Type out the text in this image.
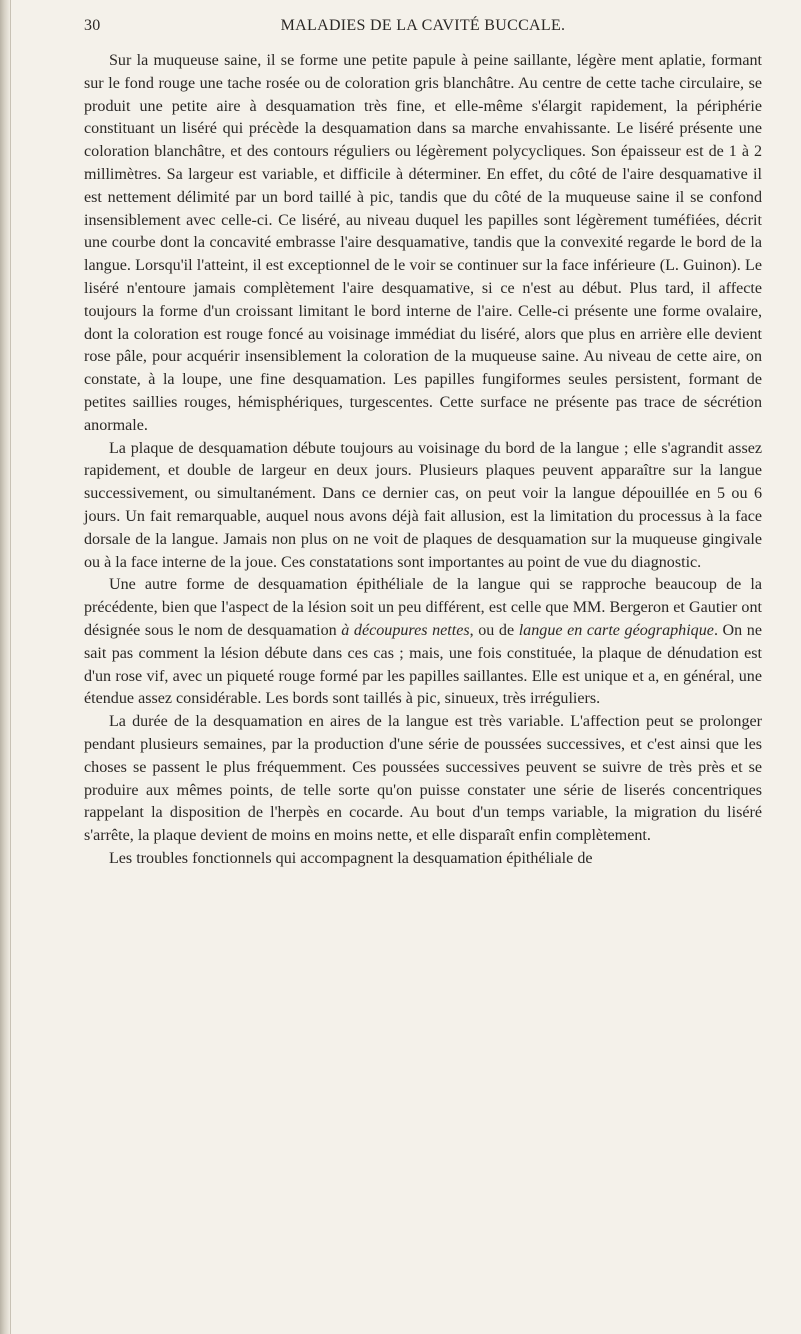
30	MALADIES DE LA CAVITÉ BUCCALE.

Sur la muqueuse saine, il se forme une petite papule à peine saillante, légère ment aplatie, formant sur le fond rouge une tache rosée ou de coloration gris blanchâtre. Au centre de cette tache circulaire, se produit une petite aire à desquamation très fine, et elle-même s'élargit rapidement, la périphérie constituant un liséré qui précède la desquamation dans sa marche envahissante. Le liséré présente une coloration blanchâtre, et des contours réguliers ou légèrement polycycliques. Son épaisseur est de 1 à 2 millimètres. Sa largeur est variable, et difficile à déterminer. En effet, du côté de l'aire desquamative il est nettement délimité par un bord taillé à pic, tandis que du côté de la muqueuse saine il se confond insensiblement avec celle-ci. Ce liséré, au niveau duquel les papilles sont légèrement tuméfiées, décrit une courbe dont la concavité embrasse l'aire desquamative, tandis que la convexité regarde le bord de la langue. Lorsqu'il l'atteint, il est exceptionnel de le voir se continuer sur la face inférieure (L. Guinon). Le liséré n'entoure jamais complètement l'aire desquamative, si ce n'est au début. Plus tard, il affecte toujours la forme d'un croissant limitant le bord interne de l'aire. Celle-ci présente une forme ovalaire, dont la coloration est rouge foncé au voisinage immédiat du liséré, alors que plus en arrière elle devient rose pâle, pour acquérir insensiblement la coloration de la muqueuse saine. Au niveau de cette aire, on constate, à la loupe, une fine desquamation. Les papilles fungiformes seules persistent, formant de petites saillies rouges, hémisphériques, turgescentes. Cette surface ne présente pas trace de sécrétion anormale.

La plaque de desquamation débute toujours au voisinage du bord de la langue ; elle s'agrandit assez rapidement, et double de largeur en deux jours. Plusieurs plaques peuvent apparaître sur la langue successivement, ou simultanément. Dans ce dernier cas, on peut voir la langue dépouillée en 5 ou 6 jours. Un fait remarquable, auquel nous avons déjà fait allusion, est la limitation du processus à la face dorsale de la langue. Jamais non plus on ne voit de plaques de desquamation sur la muqueuse gingivale ou à la face interne de la joue. Ces constatations sont importantes au point de vue du diagnostic.

Une autre forme de desquamation épithéliale de la langue qui se rapproche beaucoup de la précédente, bien que l'aspect de la lésion soit un peu différent, est celle que MM. Bergeron et Gautier ont désignée sous le nom de desquamation à découpures nettes, ou de langue en carte géographique. On ne sait pas comment la lésion débute dans ces cas ; mais, une fois constituée, la plaque de dénudation est d'un rose vif, avec un piqueté rouge formé par les papilles saillantes. Elle est unique et a, en général, une étendue assez considérable. Les bords sont taillés à pic, sinueux, très irréguliers.

La durée de la desquamation en aires de la langue est très variable. L'affection peut se prolonger pendant plusieurs semaines, par la production d'une série de poussées successives, et c'est ainsi que les choses se passent le plus fréquemment. Ces poussées successives peuvent se suivre de très près et se produire aux mêmes points, de telle sorte qu'on puisse constater une série de liserés concentriques rappelant la disposition de l'herpès en cocarde. Au bout d'un temps variable, la migration du liséré s'arrête, la plaque devient de moins en moins nette, et elle disparaît enfin complètement.

Les troubles fonctionnels qui accompagnent la desquamation épithéliale de
